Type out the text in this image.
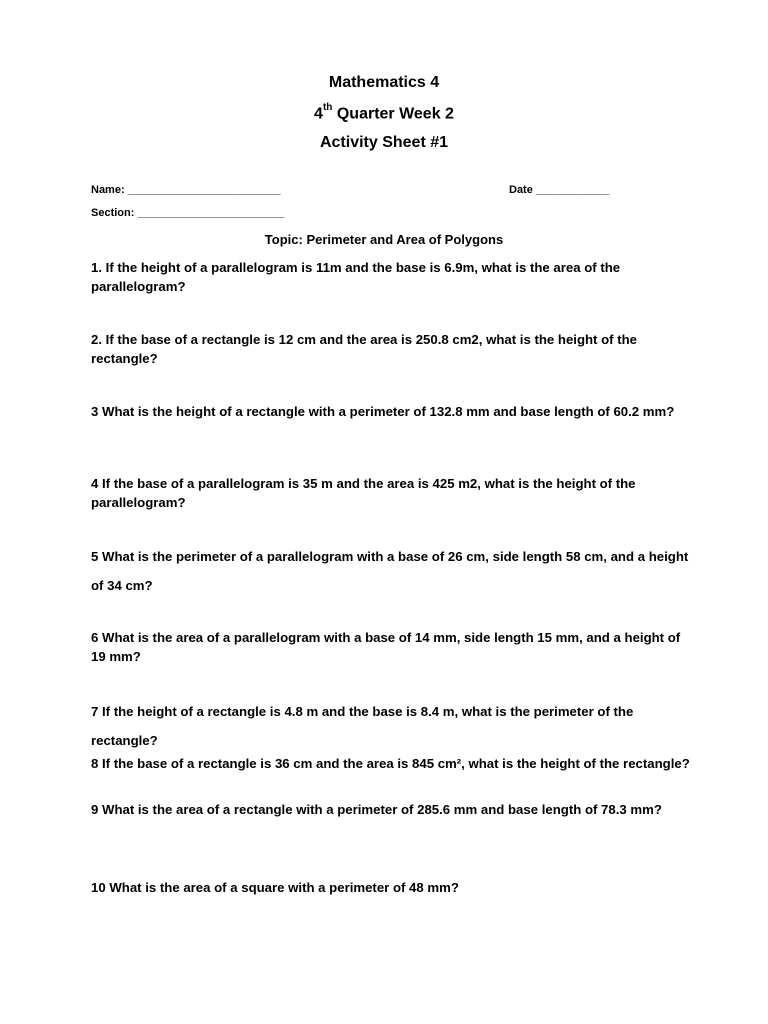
Mathematics 4
4th Quarter Week 2
Activity Sheet #1
Name: _________________________	Date ____________
Section: ________________________
Topic: Perimeter and Area of Polygons
1. If the height of a parallelogram is 11m and the base is 6.9m, what is the area of the parallelogram?
2. If the base of a rectangle is 12 cm and the area is 250.8 cm2, what is the height of the rectangle?
3 What is the height of a rectangle with a perimeter of 132.8 mm and base length of 60.2 mm?
4 If the base of a parallelogram is 35 m and the area is 425 m2, what is the height of the parallelogram?
5 What is the perimeter of a parallelogram with a base of 26 cm, side length 58 cm, and a height of 34 cm?
6 What is the area of a parallelogram with a base of 14 mm, side length 15 mm, and a height of 19 mm?
7 If the height of a rectangle is 4.8 m and the base is 8.4 m, what is the perimeter of the rectangle?
8 If the base of a rectangle is 36 cm and the area is 845 cm², what is the height of the rectangle?
9 What is the area of a rectangle with a perimeter of 285.6 mm and base length of 78.3 mm?
10 What is the area of a square with a perimeter of 48 mm?
